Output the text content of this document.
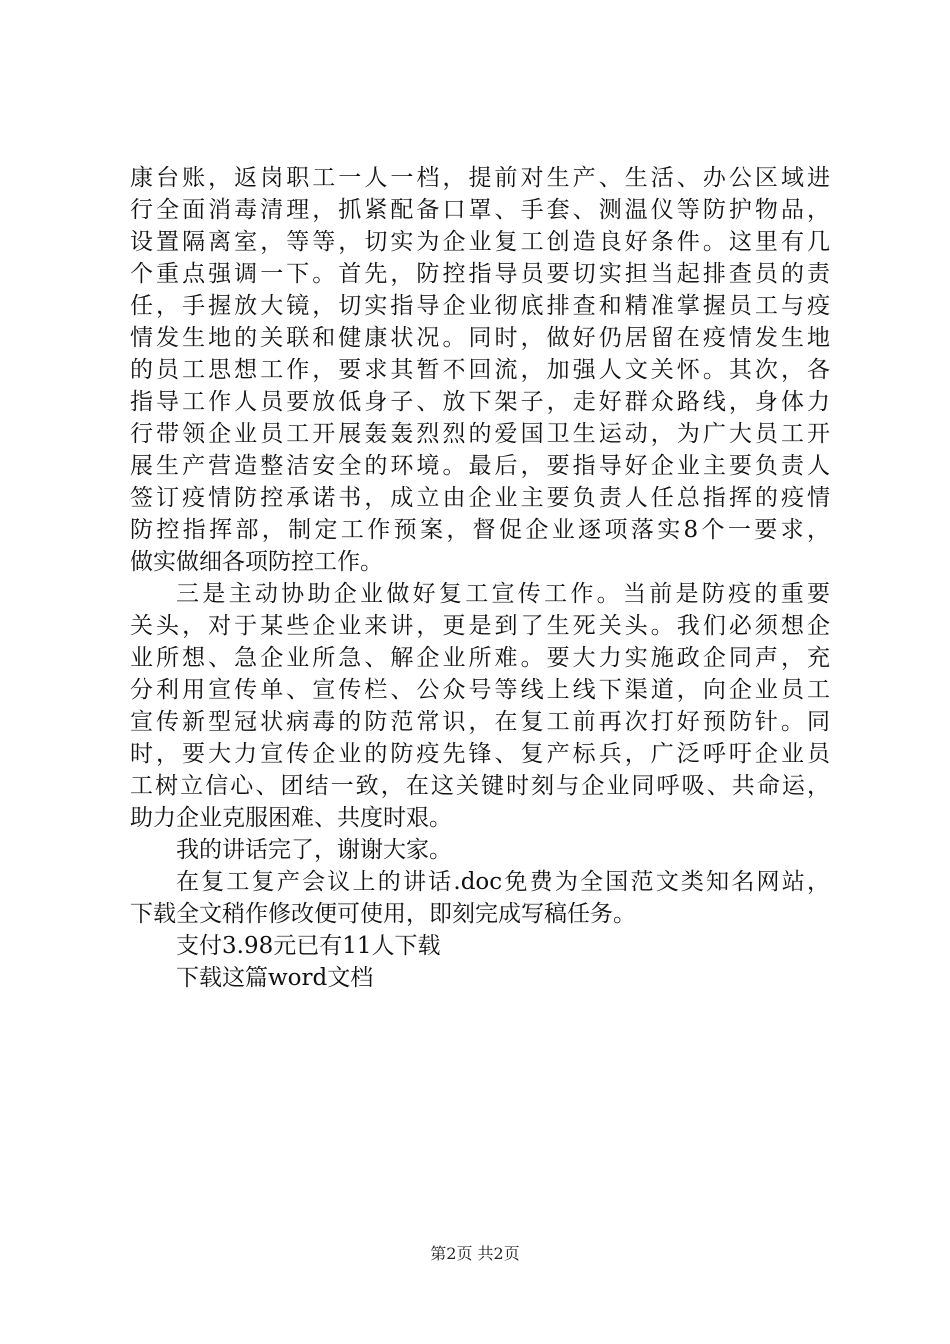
康台账，返岗职工一人一档，提前对生产、生活、办公区域进
行全面消毒清理，抓紧配备口罩、手套、测温仪等防护物品，
设置隔离室，等等，切实为企业复工创造良好条件。这里有几
个重点强调一下。首先，防控指导员要切实担当起排查员的责
任，手握放大镜，切实指导企业彻底排查和精准掌握员工与疫
情发生地的关联和健康状况。同时，做好仍居留在疫情发生地
的员工思想工作，要求其暂不回流，加强人文关怀。其次，各
指导工作人员要放低身子、放下架子，走好群众路线，身体力
行带领企业员工开展轰轰烈烈的爱国卫生运动，为广大员工开
展生产营造整洁安全的环境。最后，要指导好企业主要负责人
签订疫情防控承诺书，成立由企业主要负责人任总指挥的疫情
防控指挥部，制定工作预案，督促企业逐项落实8个一要求，
做实做细各项防控工作。
三是主动协助企业做好复工宣传工作。当前是防疫的重要
关头，对于某些企业来讲，更是到了生死关头。我们必须想企
业所想、急企业所急、解企业所难。要大力实施政企同声，充
分利用宣传单、宣传栏、公众号等线上线下渠道，向企业员工
宣传新型冠状病毒的防范常识，在复工前再次打好预防针。同
时，要大力宣传企业的防疫先锋、复产标兵，广泛呼吁企业员
工树立信心、团结一致，在这关键时刻与企业同呼吸、共命运，
助力企业克服困难、共度时艰。
我的讲话完了，谢谢大家。
在复工复产会议上的讲话.doc免费为全国范文类知名网站，
下载全文稍作修改便可使用，即刻完成写稿任务。
支付3.98元已有11人下载
下载这篇word文档
第2页 共2页
